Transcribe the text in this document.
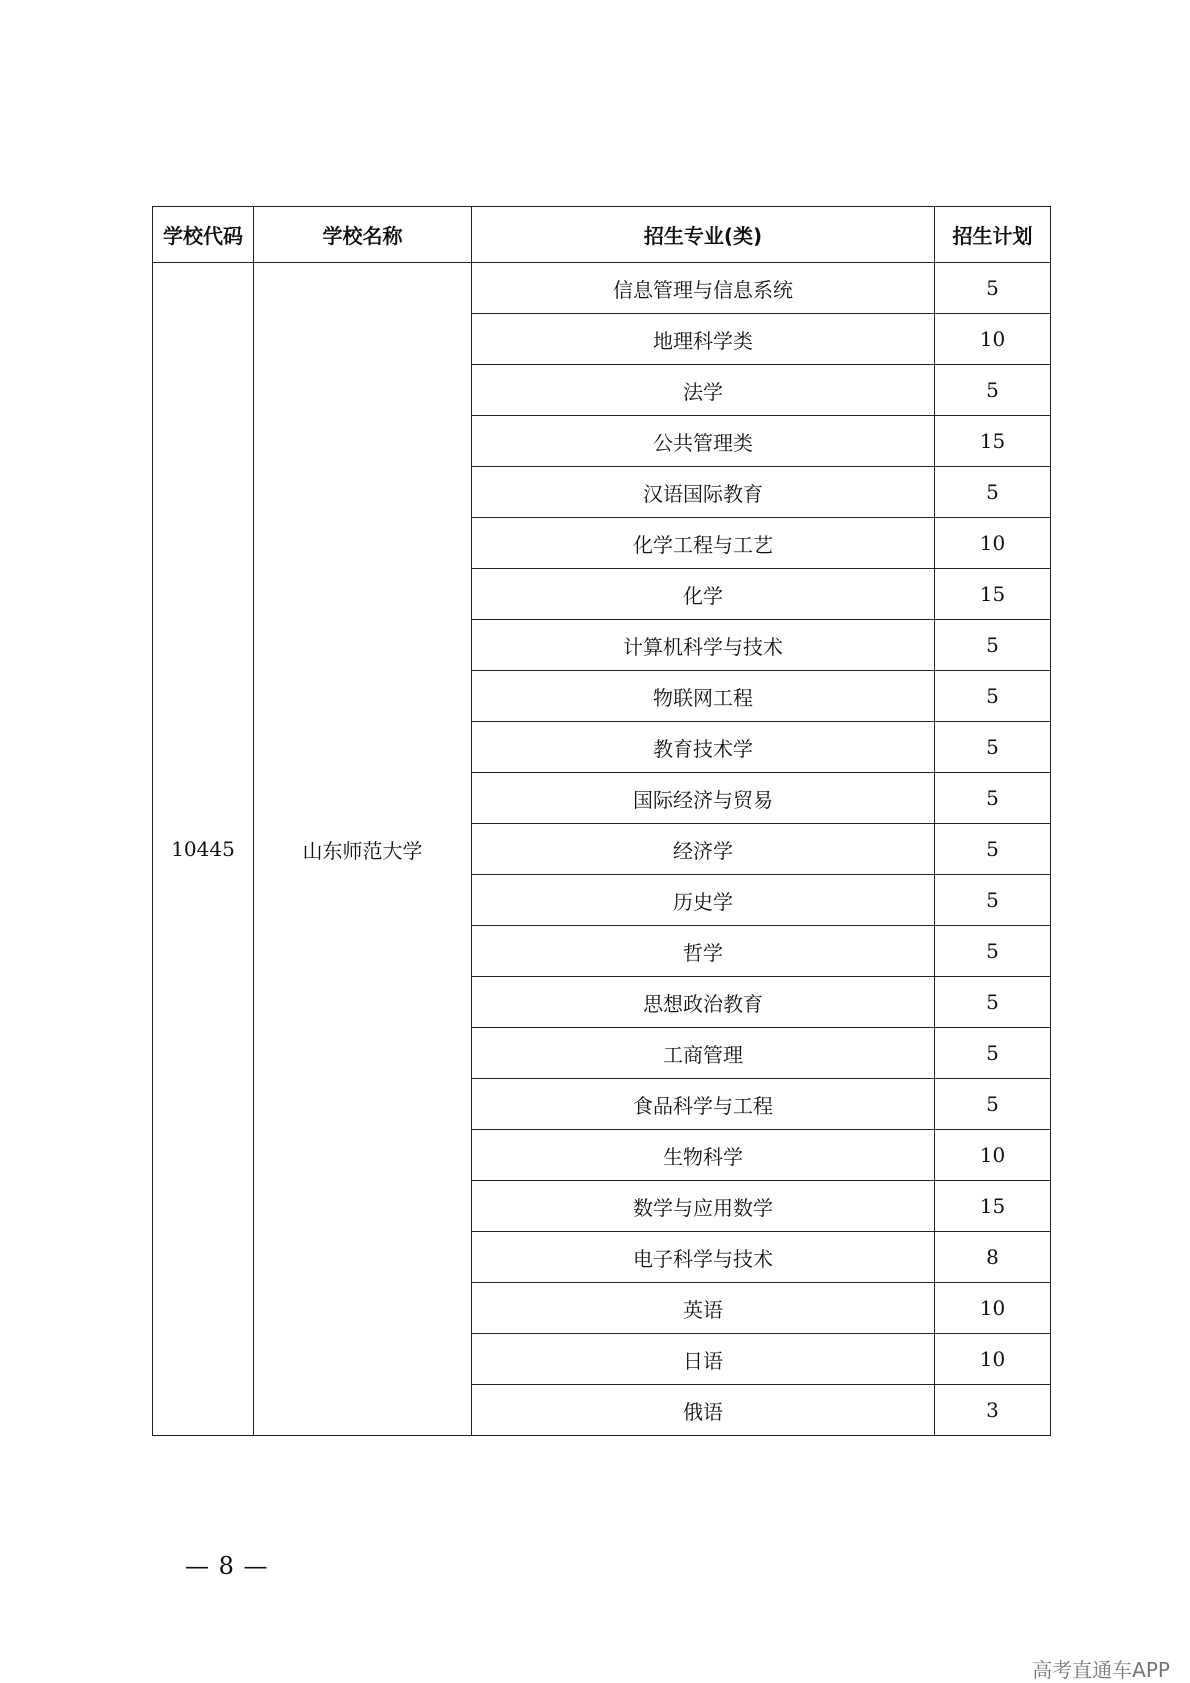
学校代码	学校名称	招生专业(类)	招生计划
10445	山东师范大学	信息管理与信息系统	5
		地理科学类	10
		法学	5
		公共管理类	15
		汉语国际教育	5
		化学工程与工艺	10
		化学	15
		计算机科学与技术	5
		物联网工程	5
		教育技术学	5
		国际经济与贸易	5
		经济学	5
		历史学	5
		哲学	5
		思想政治教育	5
		工商管理	5
		食品科学与工程	5
		生物科学	10
		数学与应用数学	15
		电子科学与技术	8
		英语	10
		日语	10
		俄语	3
— 8 —
高考直通车APP
